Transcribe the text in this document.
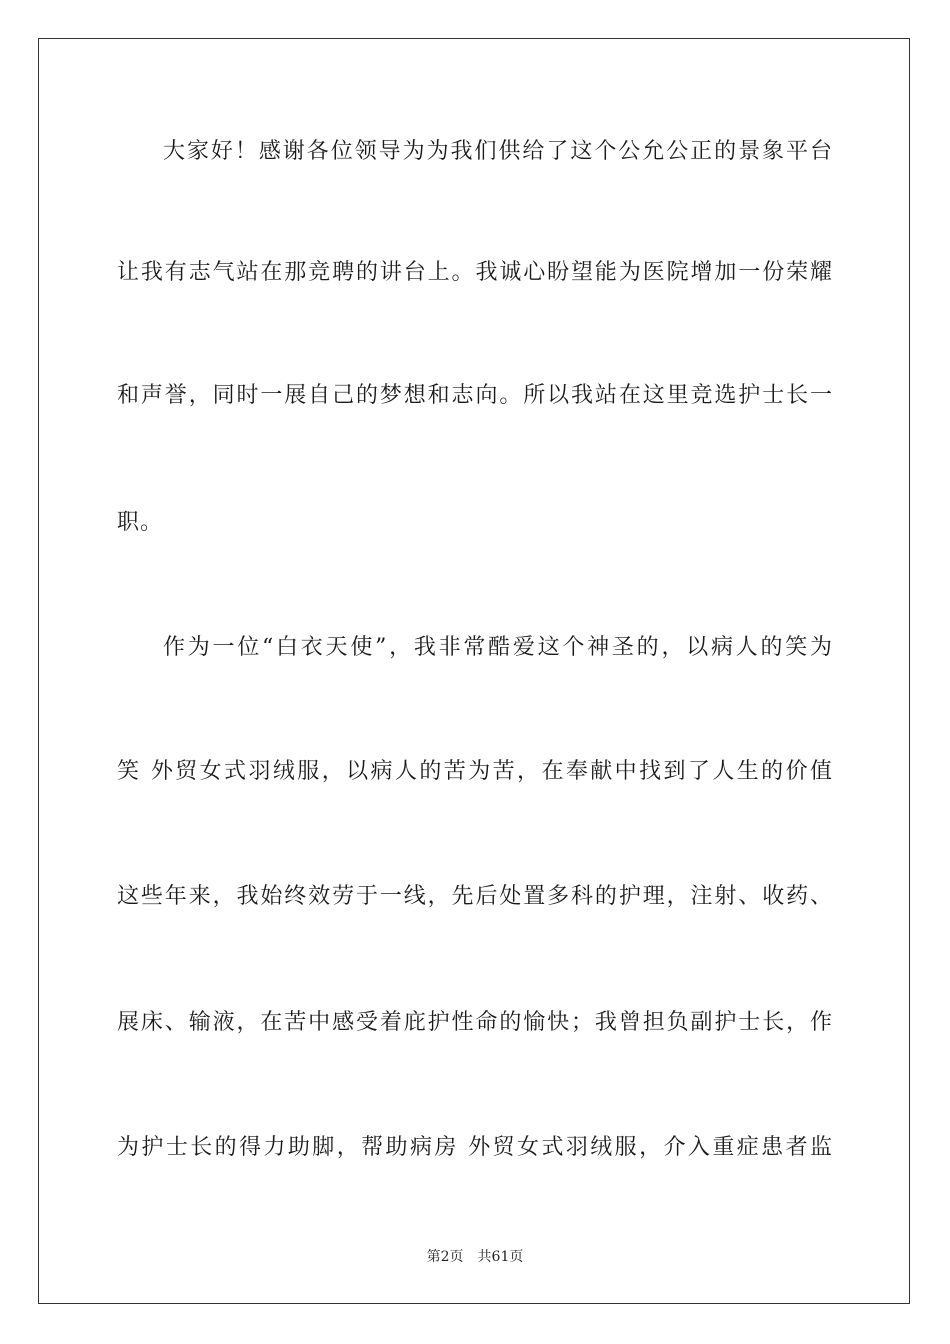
大家好！感谢各位领导为为我们供给了这个公允公正的景象平台
让我有志气站在那竞聘的讲台上。我诚心盼望能为医院增加一份荣耀
和声誉，同时一展自己的梦想和志向。所以我站在这里竞选护士长一
职。
作为一位“白衣天使”，我非常酷爱这个神圣的，以病人的笑为
笑 外贸女式羽绒服，以病人的苦为苦，在奉献中找到了人生的价值
这些年来，我始终效劳于一线，先后处置多科的护理，注射、收药、
展床、输液，在苦中感受着庇护性命的愉快；我曾担负副护士长，作
为护士长的得力助脚，帮助病房 外贸女式羽绒服，介入重症患者监
第2页 共61页
